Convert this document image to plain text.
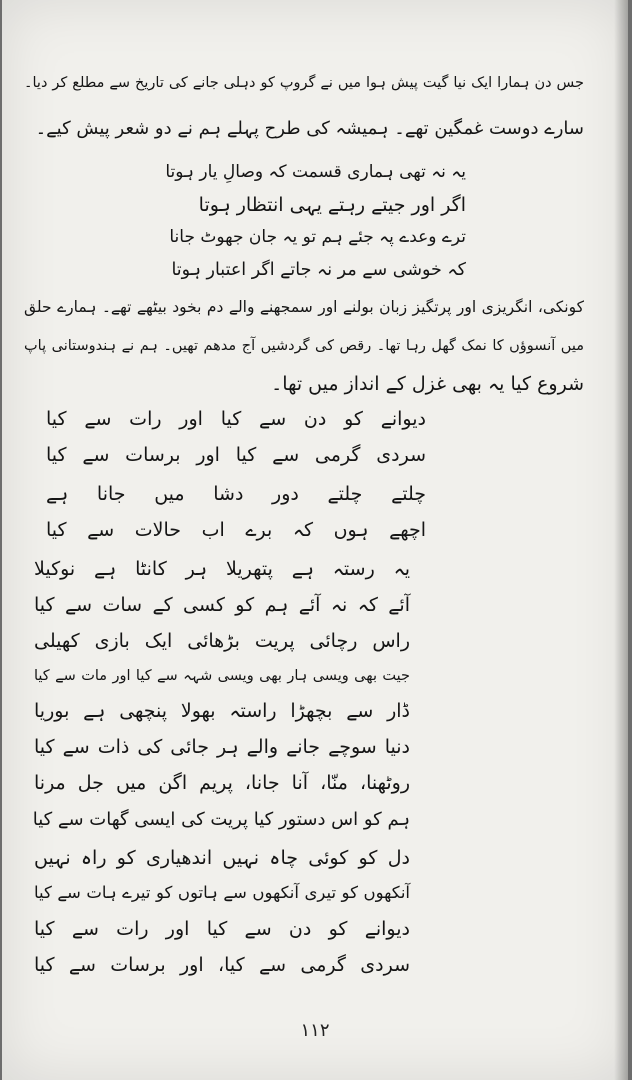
جس دن ہمارا ایک نیا گیت پیش ہوا میں نے گروپ کو دہلی جانے کی تاریخ سے مطلع کر دیا۔
سارے دوست غمگین تھے۔ ہمیشہ کی طرح پہلے ہم نے دو شعر پیش کیے۔
یہ نہ تھی ہماری قسمت کہ وصالِ یار ہوتا
اگر اور جیتے رہتے یہی انتظار ہوتا
ترے وعدے پہ جئے ہم تو یہ جان جھوٹ جانا
کہ خوشی سے مر نہ جاتے اگر اعتبار ہوتا
کونکی، انگریزی اور پرتگیز زبان بولنے اور سمجھنے والے دم بخود بیٹھے تھے۔ ہمارے حلق
میں آنسوؤں کا نمک گھل رہا تھا۔ رقص کی گردشیں آج مدھم تھیں۔ ہم نے ہندوستانی پاپ
شروع کیا یہ بھی غزل کے انداز میں تھا۔
دیوانے کو دن سے کیا اور رات سے کیا
سردی گرمی سے کیا اور برسات سے کیا
چلتے چلتے دور دشا میں جانا ہے
اچھے ہوں کہ برے اب حالات سے کیا
یہ رستہ ہے پتھریلا ہر کانٹا ہے نوکیلا
آئے کہ نہ آئے ہم کو کسی کے سات سے کیا
راس رچائی پریت بڑھائی ایک بازی کھیلی
جیت بھی ویسی ہار بھی ویسی شہہ سے کیا اور مات سے کیا
ڈار سے بچھڑا راستہ بھولا پنچھی ہے بوریا
دنیا سوچے جانے والے ہر جائی کی ذات سے کیا
روٹھنا، منّا، آنا جانا، پریم اگن میں جل مرنا
ہم کو اس دستور کیا پریت کی ایسی گھات سے کیا
دل کو کوئی چاہ نہیں اندھیاری کو راہ نہیں
آنکھوں کو تیری آنکھوں سے ہاتوں کو تیرے ہات سے کیا
دیوانے کو دن سے کیا اور رات سے کیا
سردی گرمی سے کیا، اور برسات سے کیا
۱۱۲
